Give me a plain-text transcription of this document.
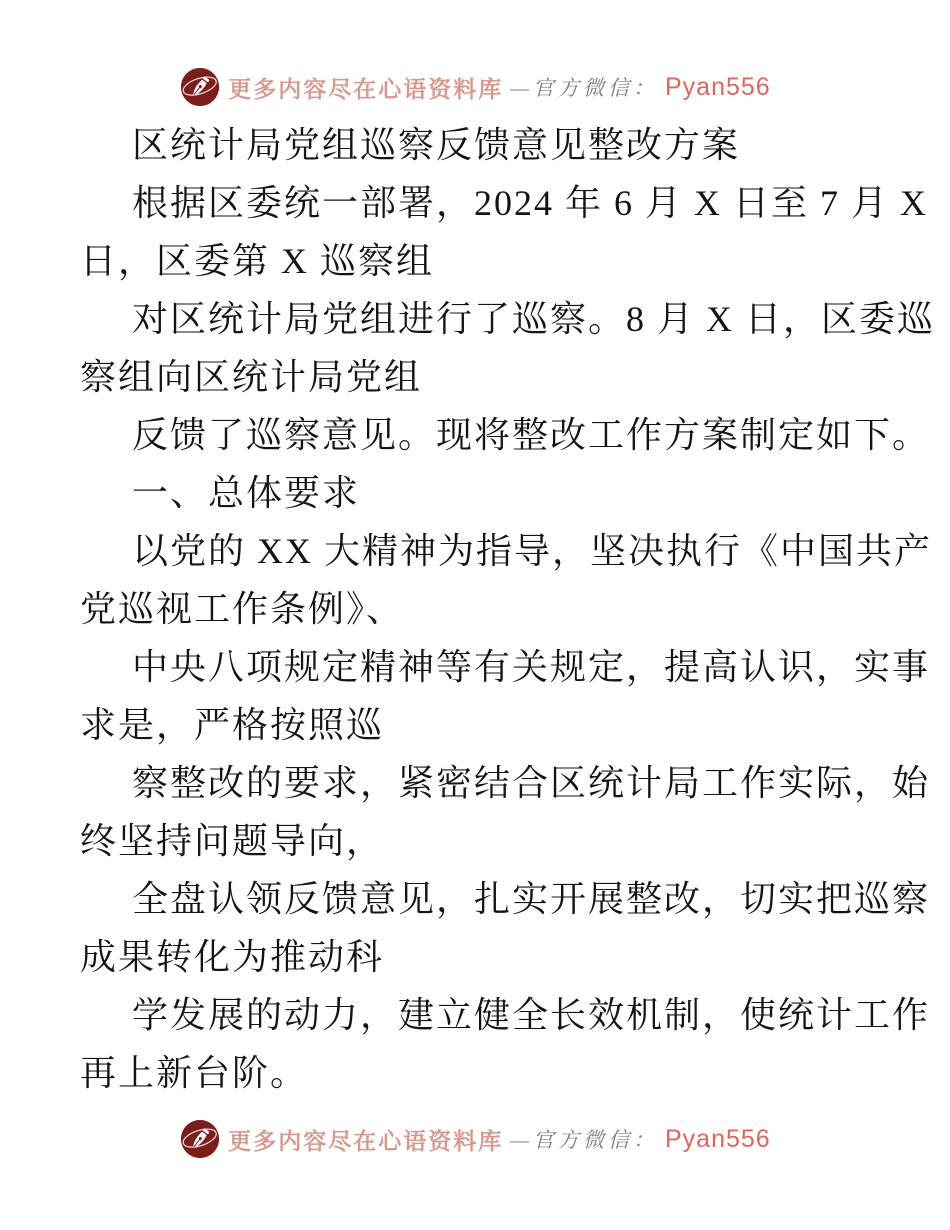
更多内容尽在心语资料库 —官方微信： Pyan556
区统计局党组巡察反馈意见整改方案
根据区委统一部署，2024 年 6 月 X 日至 7 月 X
日，区委第 X 巡察组
对区统计局党组进行了巡察。8 月 X 日，区委巡
察组向区统计局党组
反馈了巡察意见。现将整改工作方案制定如下。
一、总体要求
以党的 XX 大精神为指导，坚决执行《中国共产
党巡视工作条例》、
中央八项规定精神等有关规定，提高认识，实事
求是，严格按照巡
察整改的要求，紧密结合区统计局工作实际，始
终坚持问题导向，
全盘认领反馈意见，扎实开展整改，切实把巡察
成果转化为推动科
学发展的动力，建立健全长效机制，使统计工作
再上新台阶。
更多内容尽在心语资料库 —官方微信： Pyan556
